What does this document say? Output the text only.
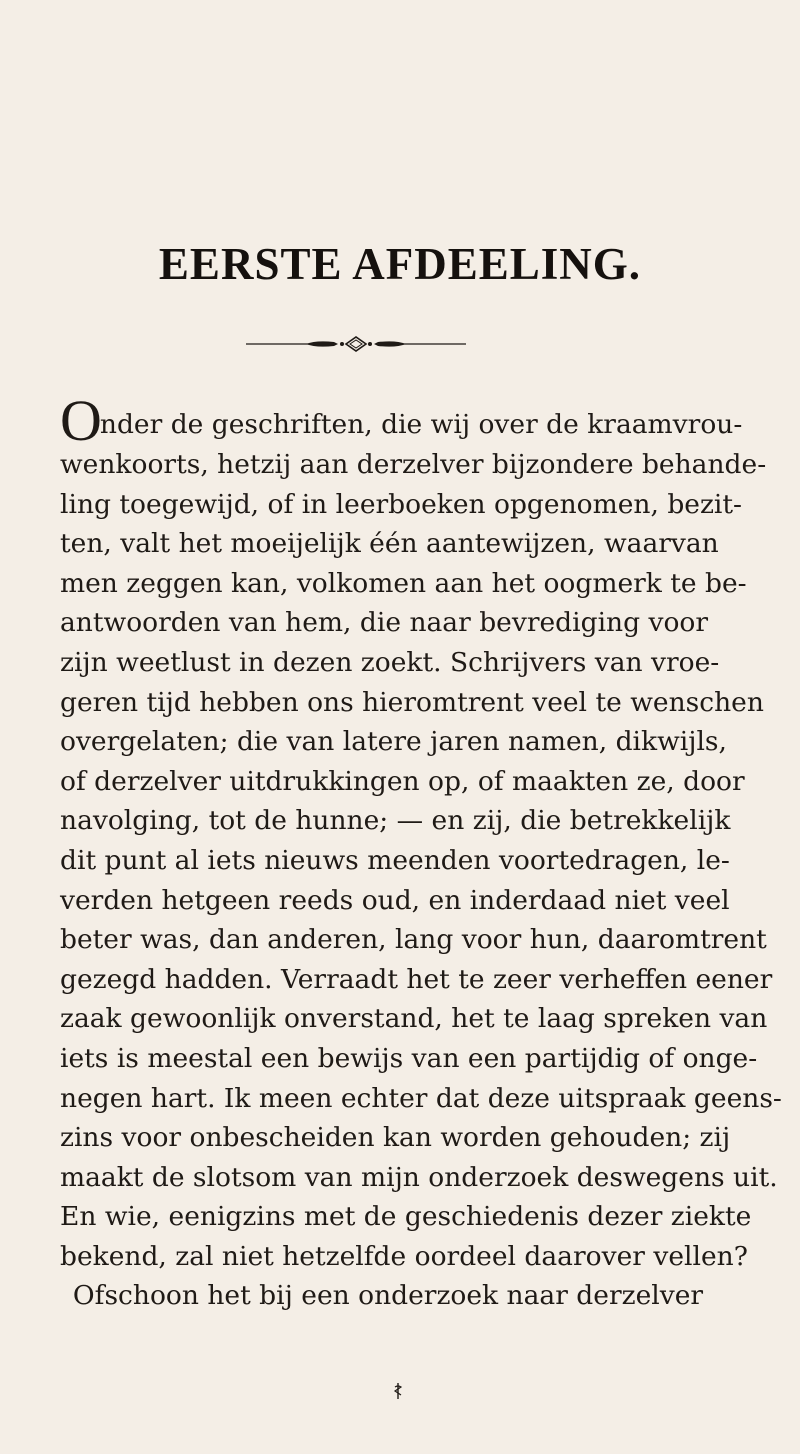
EERSTE AFDEELING.
Onder de geschriften, die wij over de kraamvrou-
wenkoorts, hetzij aan derzelver bijzondere behande-
ling toegewijd, of in leerboeken opgenomen, bezit-
ten, valt het moeijelijk één aantewijzen, waarvan
men zeggen kan, volkomen aan het oogmerk te be-
antwoorden van hem, die naar bevrediging voor
zijn weetlust in dezen zoekt. Schrijvers van vroe-
geren tijd hebben ons hieromtrent veel te wenschen
overgelaten; die van latere jaren namen, dikwijls,
of derzelver uitdrukkingen op, of maakten ze, door
navolging, tot de hunne; — en zij, die betrekkelijk
dit punt al iets nieuws meenden voortedragen, le-
verden hetgeen reeds oud, en inderdaad niet veel
beter was, dan anderen, lang voor hun, daaromtrent
gezegd hadden. Verraadt het te zeer verheffen eener
zaak gewoonlijk onverstand, het te laag spreken van
iets is meestal een bewijs van een partijdig of onge-
negen hart. Ik meen echter dat deze uitspraak geens-
zins voor onbescheiden kan worden gehouden; zij
maakt de slotsom van mijn onderzoek deswegens uit.
En wie, eenigzins met de geschiedenis dezer ziekte
bekend, zal niet hetzelfde oordeel daarover vellen?
Ofschoon het bij een onderzoek naar derzelver
